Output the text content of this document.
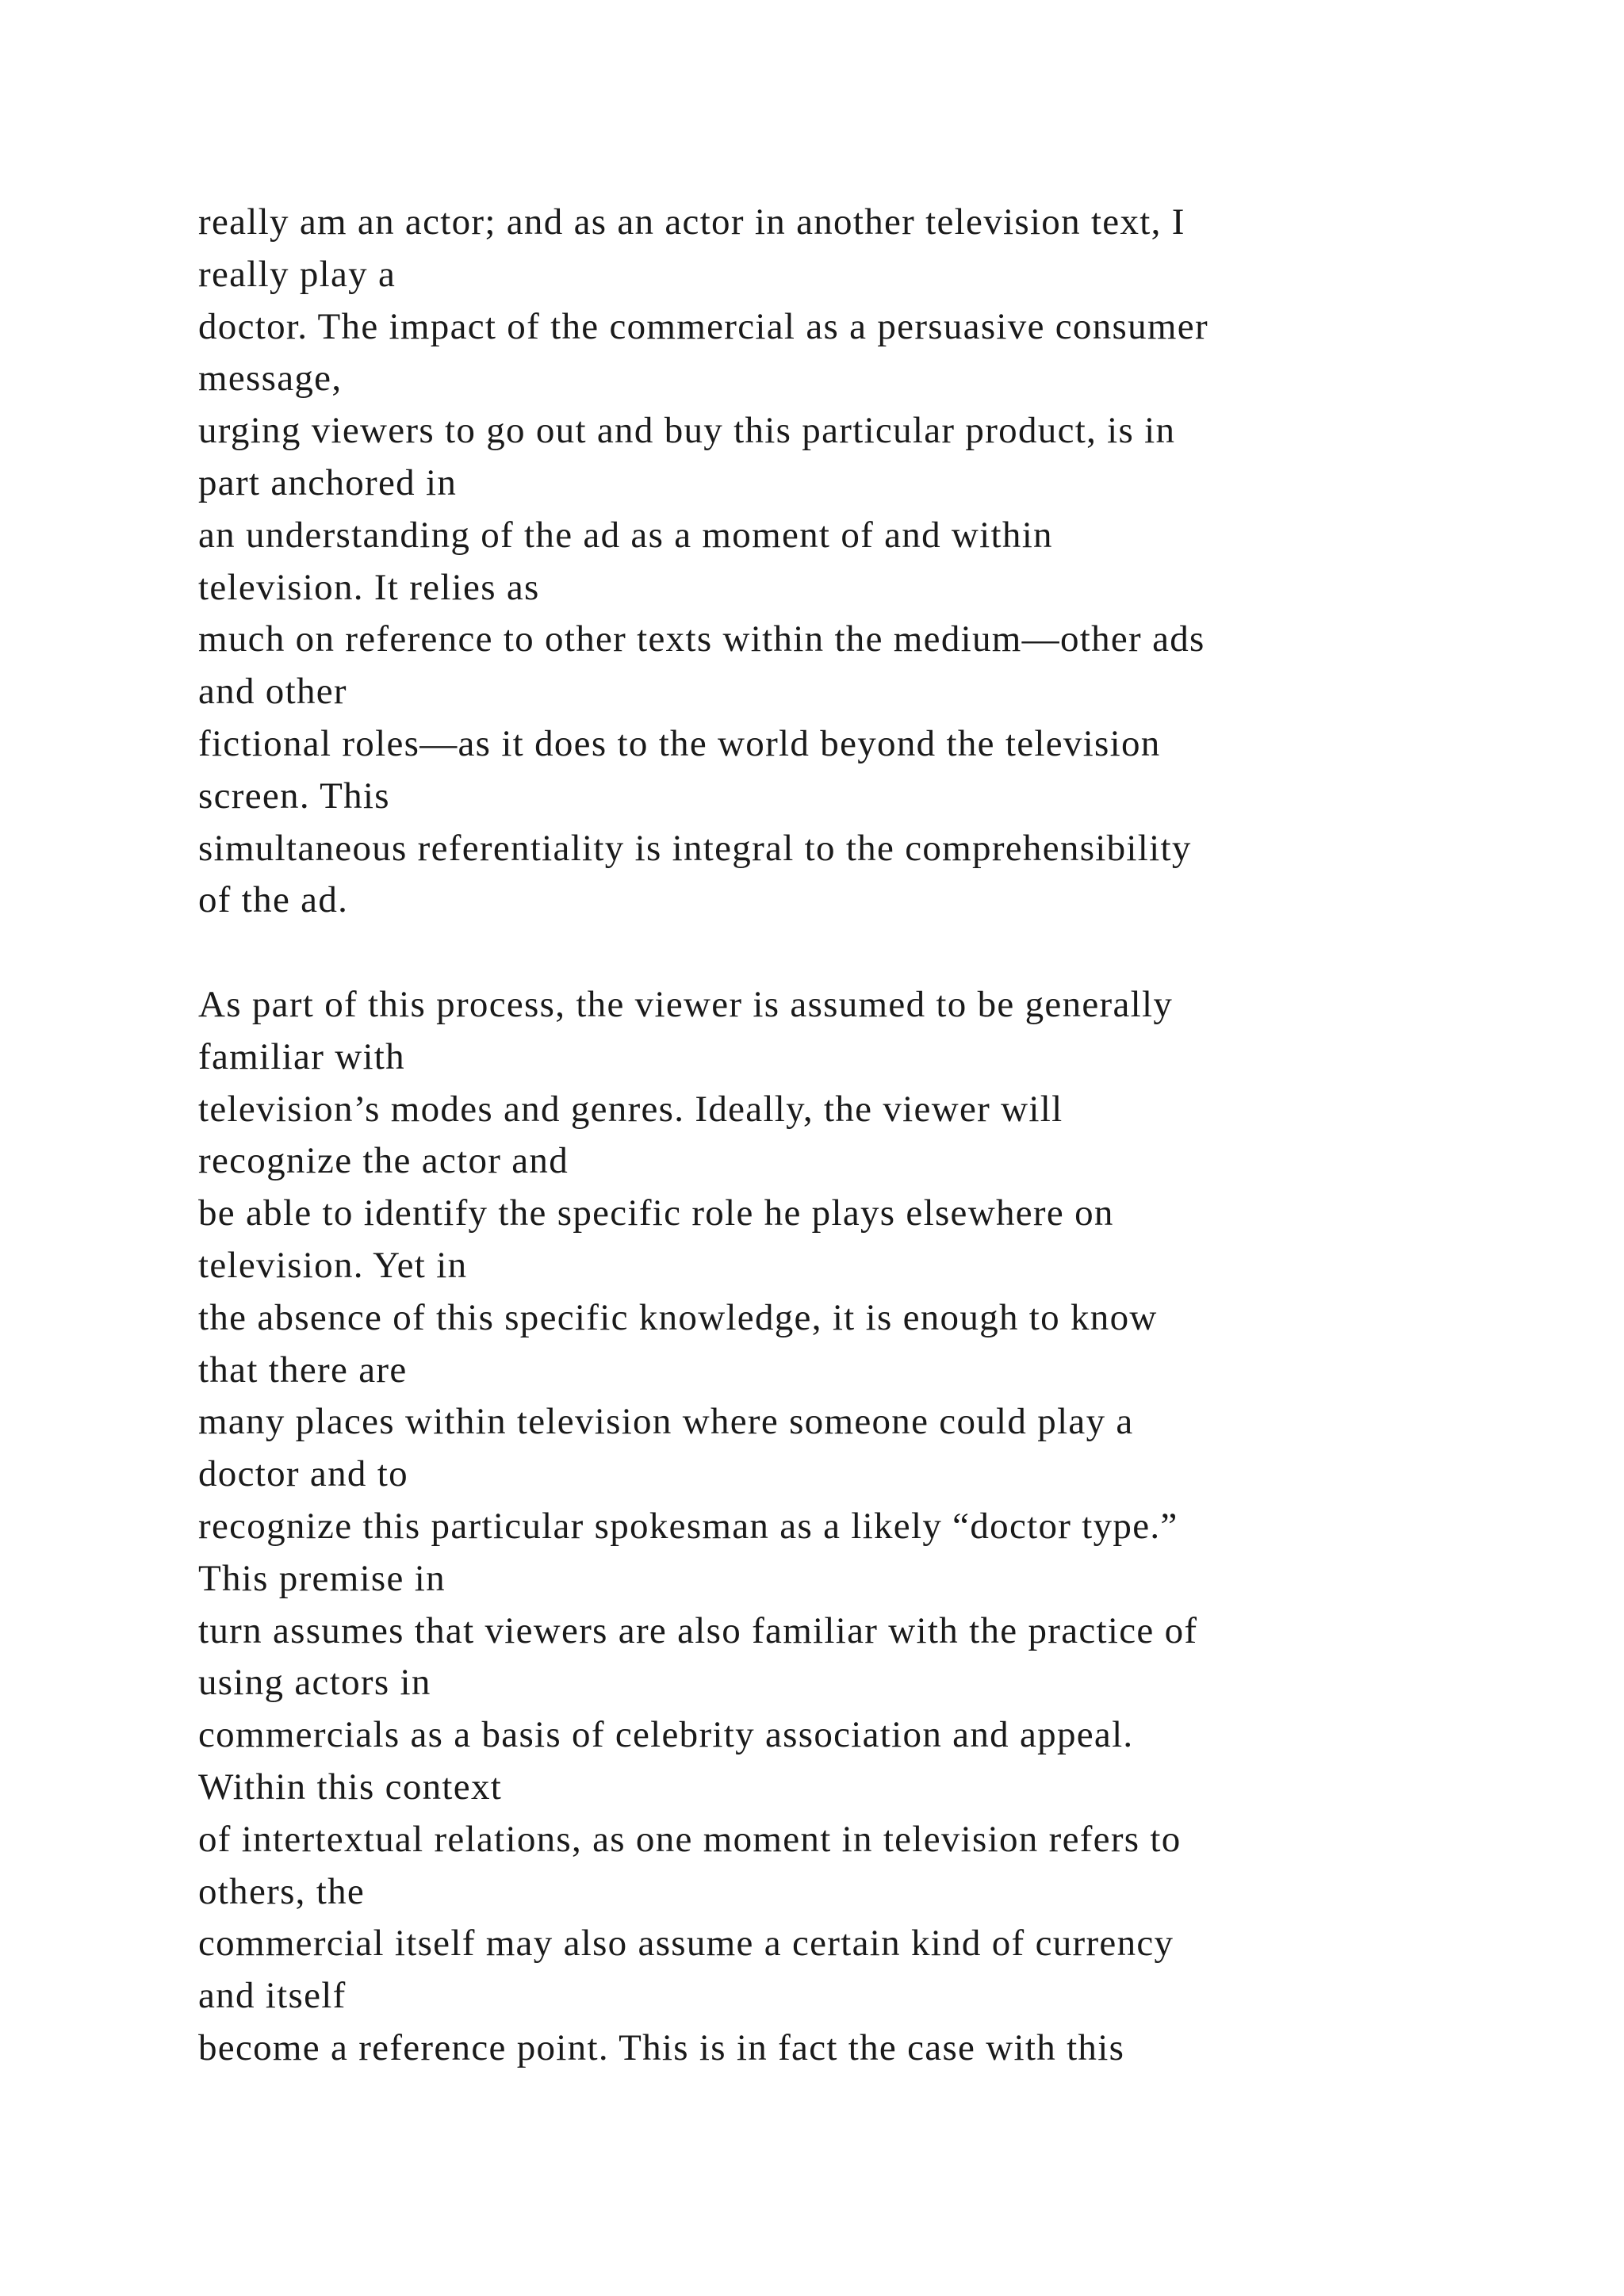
really am an actor; and as an actor in another television text, I
really play a
doctor. The impact of the commercial as a persuasive consumer
message,
urging viewers to go out and buy this particular product, is in
part anchored in
an understanding of the ad as a moment of and within
television. It relies as
much on reference to other texts within the medium—other ads
and other
fictional roles—as it does to the world beyond the television
screen. This
simultaneous referentiality is integral to the comprehensibility
of the ad.

As part of this process, the viewer is assumed to be generally
familiar with
television’s modes and genres. Ideally, the viewer will
recognize the actor and
be able to identify the specific role he plays elsewhere on
television. Yet in
the absence of this specific knowledge, it is enough to know
that there are
many places within television where someone could play a
doctor and to
recognize this particular spokesman as a likely “doctor type.”
This premise in
turn assumes that viewers are also familiar with the practice of
using actors in
commercials as a basis of celebrity association and appeal.
Within this context
of intertextual relations, as one moment in television refers to
others, the
commercial itself may also assume a certain kind of currency
and itself
become a reference point. This is in fact the case with this
